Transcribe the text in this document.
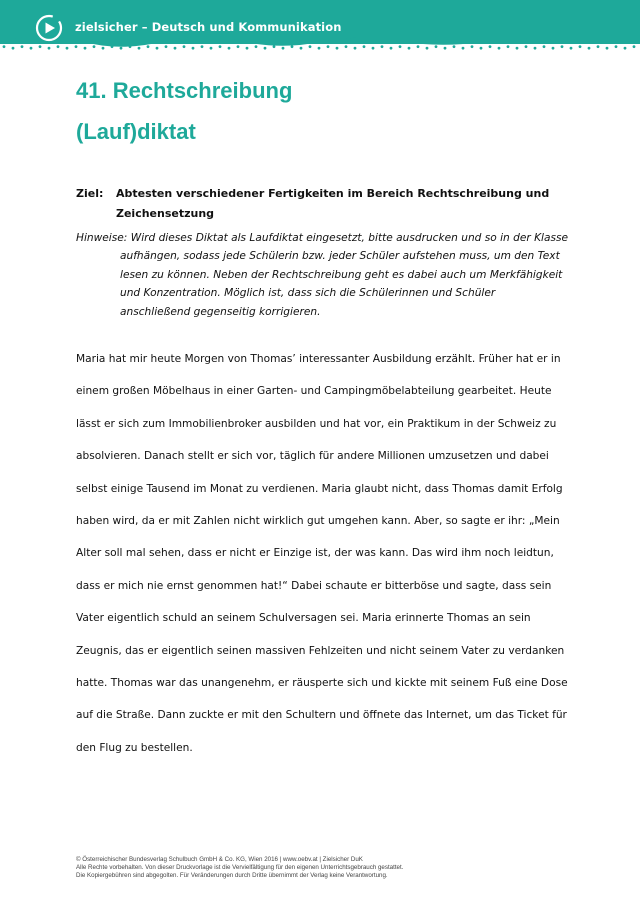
zielsicher – Deutsch und Kommunikation
41. Rechtschreibung
(Lauf)diktat
Ziel: Abtesten verschiedener Fertigkeiten im Bereich Rechtschreibung und Zeichensetzung
Hinweise: Wird dieses Diktat als Laufdiktat eingesetzt, bitte ausdrucken und so in der Klasse
aufhängen, sodass jede Schülerin bzw. jeder Schüler aufstehen muss, um den Text
lesen zu können. Neben der Rechtschreibung geht es dabei auch um Merkfähigkeit
und Konzentration. Möglich ist, dass sich die Schülerinnen und Schüler
anschließend gegenseitig korrigieren.
Maria hat mir heute Morgen von Thomas’ interessanter Ausbildung erzählt. Früher hat er in
einem großen Möbelhaus in einer Garten- und Campingmöbelabteilung gearbeitet. Heute
lässt er sich zum Immobilienbroker ausbilden und hat vor, ein Praktikum in der Schweiz zu
absolvieren. Danach stellt er sich vor, täglich für andere Millionen umzusetzen und dabei
selbst einige Tausend im Monat zu verdienen. Maria glaubt nicht, dass Thomas damit Erfolg
haben wird, da er mit Zahlen nicht wirklich gut umgehen kann. Aber, so sagte er ihr: „Mein
Alter soll mal sehen, dass er nicht er Einzige ist, der was kann. Das wird ihm noch leidtun,
dass er mich nie ernst genommen hat!“ Dabei schaute er bitterböse und sagte, dass sein
Vater eigentlich schuld an seinem Schulversagen sei. Maria erinnerte Thomas an sein
Zeugnis, das er eigentlich seinen massiven Fehlzeiten und nicht seinem Vater zu verdanken
hatte. Thomas war das unangenehm, er räusperte sich und kickte mit seinem Fuß eine Dose
auf die Straße. Dann zuckte er mit den Schultern und öffnete das Internet, um das Ticket für
den Flug zu bestellen.
© Österreichischer Bundesverlag Schulbuch GmbH & Co. KG, Wien 2016 | www.oebv.at | Zielsicher DuK
Alle Rechte vorbehalten. Von dieser Druckvorlage ist die Vervielfältigung für den eigenen Unterrichtsgebrauch gestattet.
Die Kopiergebühren sind abgegolten. Für Veränderungen durch Dritte übernimmt der Verlag keine Verantwortung.
